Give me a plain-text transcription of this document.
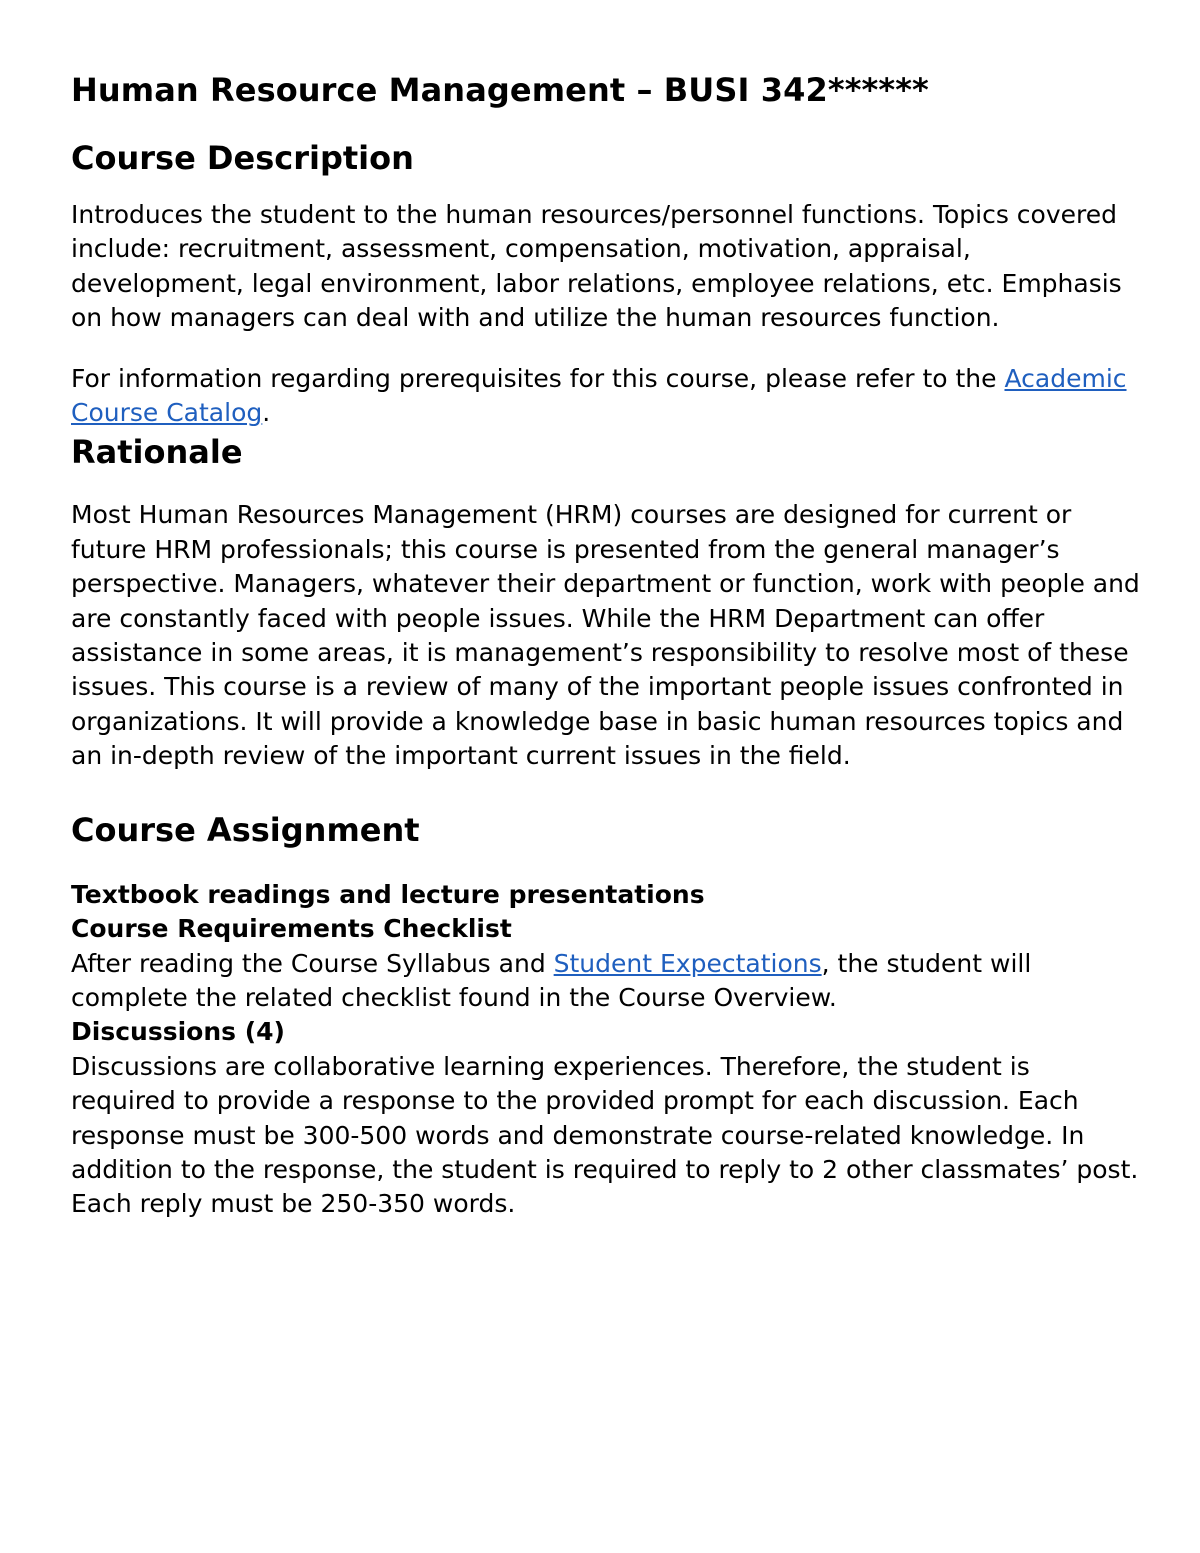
Human Resource Management – BUSI 342******
Course Description

Introduces the student to the human resources/personnel functions. Topics covered include: recruitment, assessment, compensation, motivation, appraisal, development, legal environment, labor relations, employee relations, etc. Emphasis on how managers can deal with and utilize the human resources function.

For information regarding prerequisites for this course, please refer to the Academic Course Catalog.

Rationale

Most Human Resources Management (HRM) courses are designed for current or future HRM professionals; this course is presented from the general manager’s perspective. Managers, whatever their department or function, work with people and are constantly faced with people issues. While the HRM Department can offer assistance in some areas, it is management’s responsibility to resolve most of these issues. This course is a review of many of the important people issues confronted in organizations. It will provide a knowledge base in basic human resources topics and an in-depth review of the important current issues in the field.

Course Assignment

Textbook readings and lecture presentations

Course Requirements Checklist

After reading the Course Syllabus and Student Expectations, the student will complete the related checklist found in the Course Overview.

Discussions (4)

Discussions are collaborative learning experiences. Therefore, the student is required to provide a response to the provided prompt for each discussion. Each response must be 300-500 words and demonstrate course-related knowledge. In addition to the response, the student is required to reply to 2 other classmates’ post. Each reply must be 250-350 words.
